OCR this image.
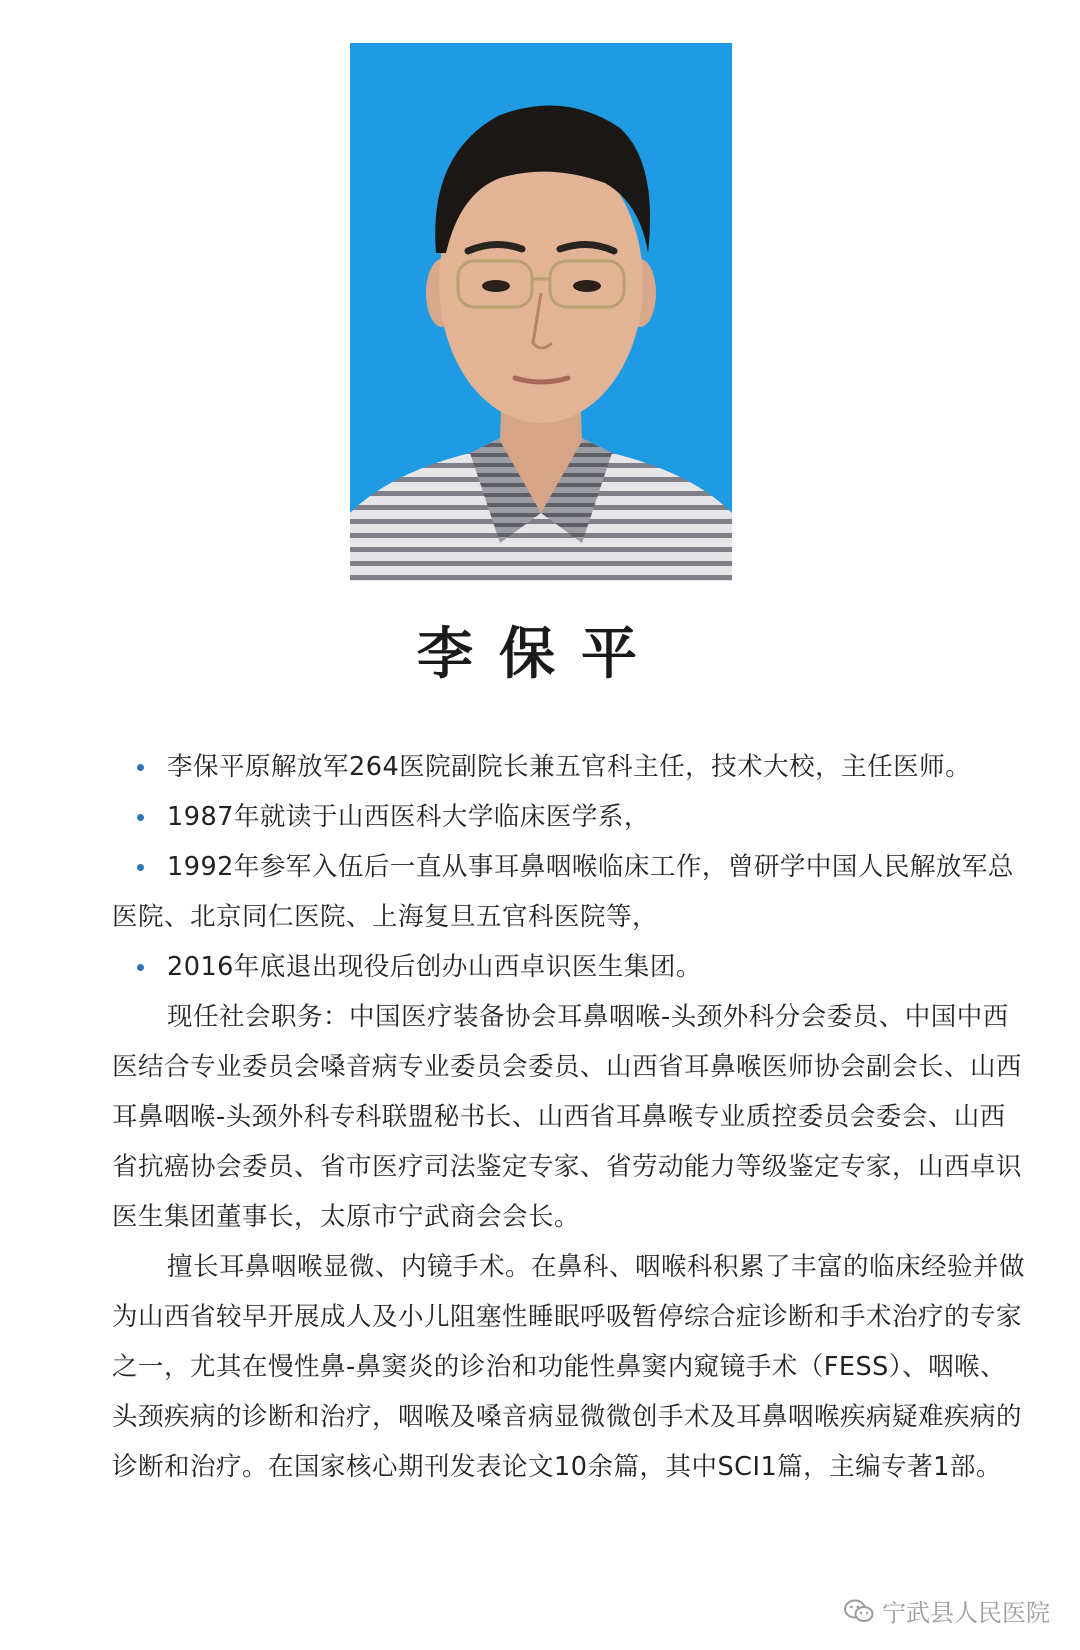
李保平

李保平原解放军264医院副院长兼五官科主任，技术大校，主任医师。

1987年就读于山西医科大学临床医学系，

1992年参军入伍后一直从事耳鼻咽喉临床工作，曾研学中国人民解放军总医院、北京同仁医院、上海复旦五官科医院等，

2016年底退出现役后创办山西卓识医生集团。

现任社会职务：中国医疗装备协会耳鼻咽喉-头颈外科分会委员、中国中西医结合专业委员会嗓音病专业委员会委员、山西省耳鼻喉医师协会副会长、山西耳鼻咽喉-头颈外科专科联盟秘书长、山西省耳鼻喉专业质控委员会委会、山西省抗癌协会委员、省市医疗司法鉴定专家、省劳动能力等级鉴定专家，山西卓识医生集团董事长，太原市宁武商会会长。

擅长耳鼻咽喉显微、内镜手术。在鼻科、咽喉科积累了丰富的临床经验并做为山西省较早开展成人及小儿阻塞性睡眠呼吸暂停综合症诊断和手术治疗的专家之一，尤其在慢性鼻-鼻窦炎的诊治和功能性鼻窦内窥镜手术（FESS）、咽喉、头颈疾病的诊断和治疗，咽喉及嗓音病显微微创手术及耳鼻咽喉疾病疑难疾病的诊断和治疗。在国家核心期刊发表论文10余篇，其中SCI1篇，主编专著1部。

宁武县人民医院
